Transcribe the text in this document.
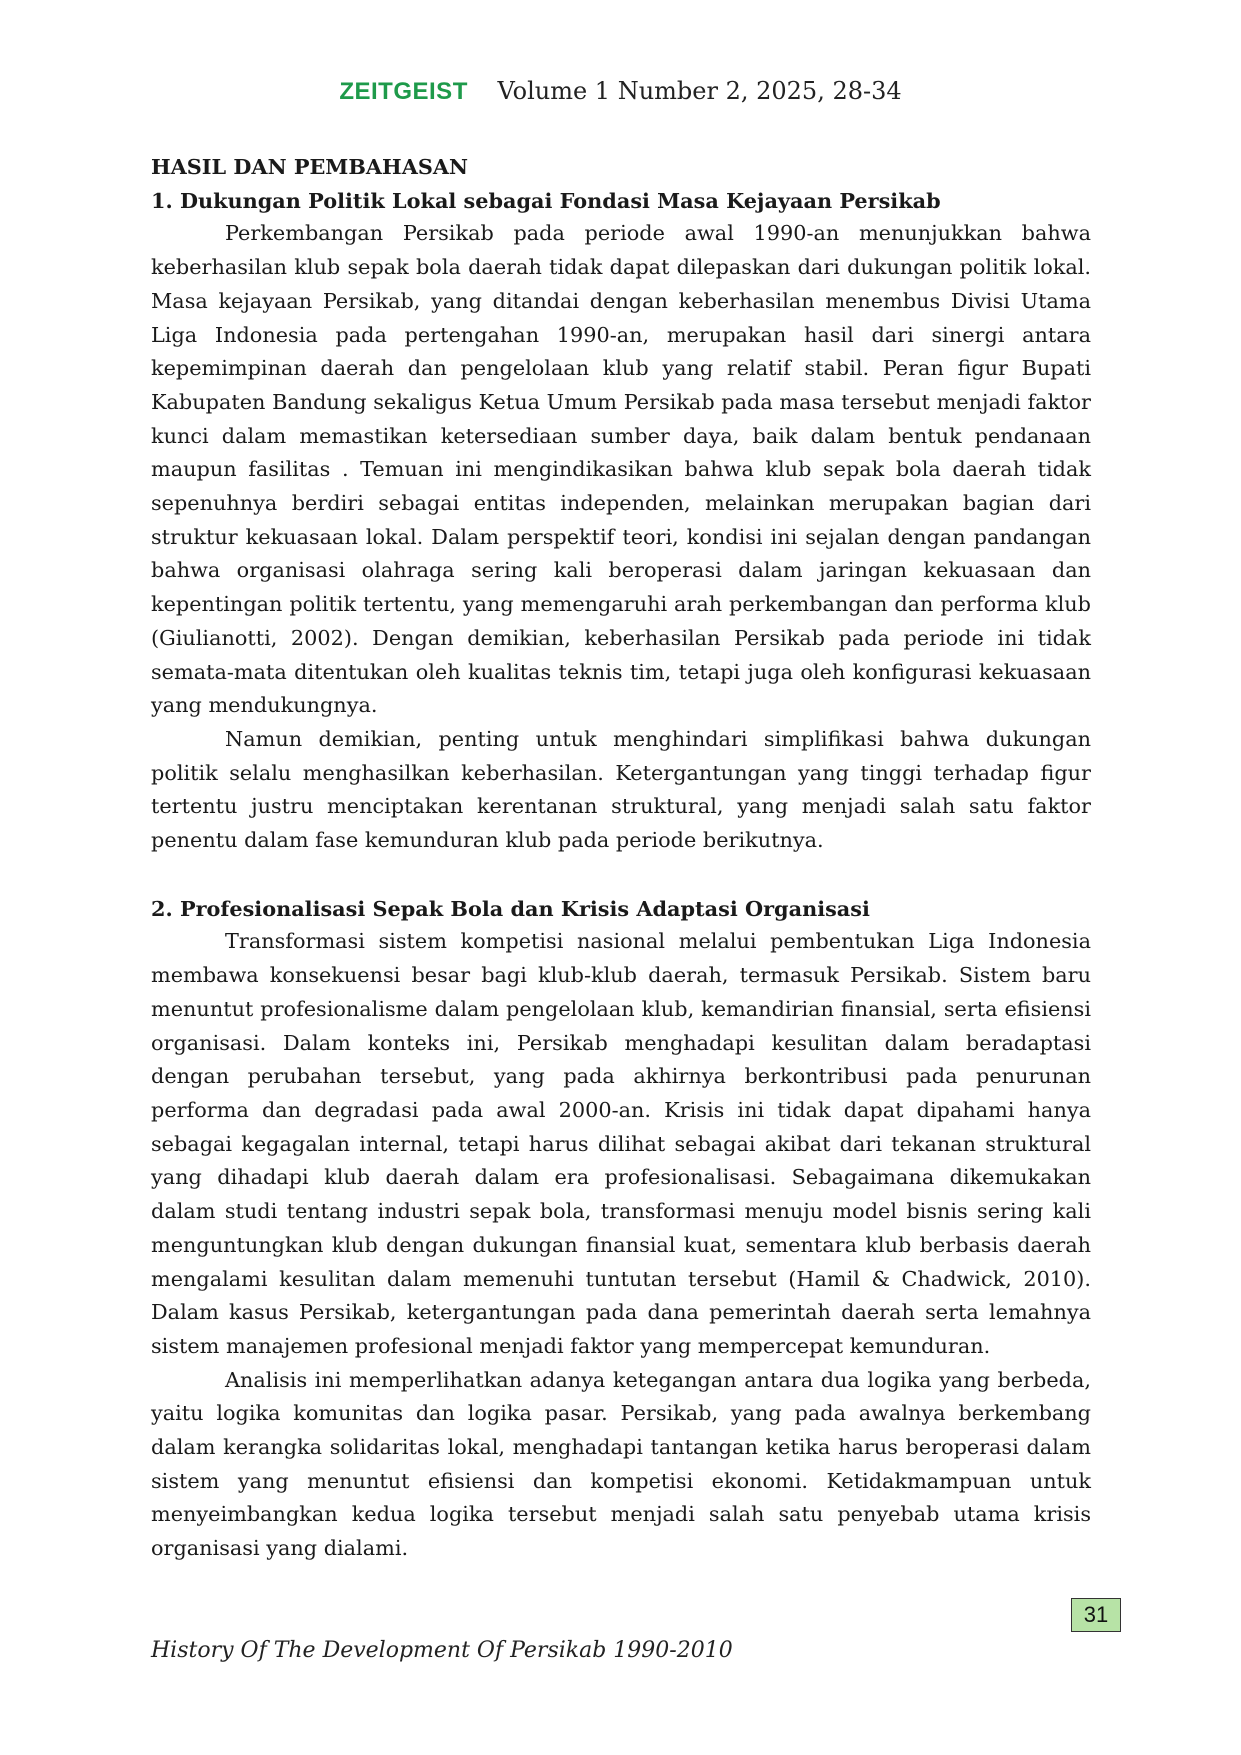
ZEITGEIST Volume 1 Number 2, 2025, 28-34
HASIL DAN PEMBAHASAN
1. Dukungan Politik Lokal sebagai Fondasi Masa Kejayaan Persikab

Perkembangan Persikab pada periode awal 1990-an menunjukkan bahwa keberhasilan klub sepak bola daerah tidak dapat dilepaskan dari dukungan politik lokal. Masa kejayaan Persikab, yang ditandai dengan keberhasilan menembus Divisi Utama Liga Indonesia pada pertengahan 1990-an, merupakan hasil dari sinergi antara kepemimpinan daerah dan pengelolaan klub yang relatif stabil. Peran figur Bupati Kabupaten Bandung sekaligus Ketua Umum Persikab pada masa tersebut menjadi faktor kunci dalam memastikan ketersediaan sumber daya, baik dalam bentuk pendanaan maupun fasilitas . Temuan ini mengindikasikan bahwa klub sepak bola daerah tidak sepenuhnya berdiri sebagai entitas independen, melainkan merupakan bagian dari struktur kekuasaan lokal. Dalam perspektif teori, kondisi ini sejalan dengan pandangan bahwa organisasi olahraga sering kali beroperasi dalam jaringan kekuasaan dan kepentingan politik tertentu, yang memengaruhi arah perkembangan dan performa klub (Giulianotti, 2002). Dengan demikian, keberhasilan Persikab pada periode ini tidak semata-mata ditentukan oleh kualitas teknis tim, tetapi juga oleh konfigurasi kekuasaan yang mendukungnya.

Namun demikian, penting untuk menghindari simplifikasi bahwa dukungan politik selalu menghasilkan keberhasilan. Ketergantungan yang tinggi terhadap figur tertentu justru menciptakan kerentanan struktural, yang menjadi salah satu faktor penentu dalam fase kemunduran klub pada periode berikutnya.

2. Profesionalisasi Sepak Bola dan Krisis Adaptasi Organisasi

Transformasi sistem kompetisi nasional melalui pembentukan Liga Indonesia membawa konsekuensi besar bagi klub-klub daerah, termasuk Persikab. Sistem baru menuntut profesionalisme dalam pengelolaan klub, kemandirian finansial, serta efisiensi organisasi. Dalam konteks ini, Persikab menghadapi kesulitan dalam beradaptasi dengan perubahan tersebut, yang pada akhirnya berkontribusi pada penurunan performa dan degradasi pada awal 2000-an. Krisis ini tidak dapat dipahami hanya sebagai kegagalan internal, tetapi harus dilihat sebagai akibat dari tekanan struktural yang dihadapi klub daerah dalam era profesionalisasi. Sebagaimana dikemukakan dalam studi tentang industri sepak bola, transformasi menuju model bisnis sering kali menguntungkan klub dengan dukungan finansial kuat, sementara klub berbasis daerah mengalami kesulitan dalam memenuhi tuntutan tersebut (Hamil & Chadwick, 2010). Dalam kasus Persikab, ketergantungan pada dana pemerintah daerah serta lemahnya sistem manajemen profesional menjadi faktor yang mempercepat kemunduran.

Analisis ini memperlihatkan adanya ketegangan antara dua logika yang berbeda, yaitu logika komunitas dan logika pasar. Persikab, yang pada awalnya berkembang dalam kerangka solidaritas lokal, menghadapi tantangan ketika harus beroperasi dalam sistem yang menuntut efisiensi dan kompetisi ekonomi. Ketidakmampuan untuk menyeimbangkan kedua logika tersebut menjadi salah satu penyebab utama krisis organisasi yang dialami.

31
History Of The Development Of Persikab 1990-2010
